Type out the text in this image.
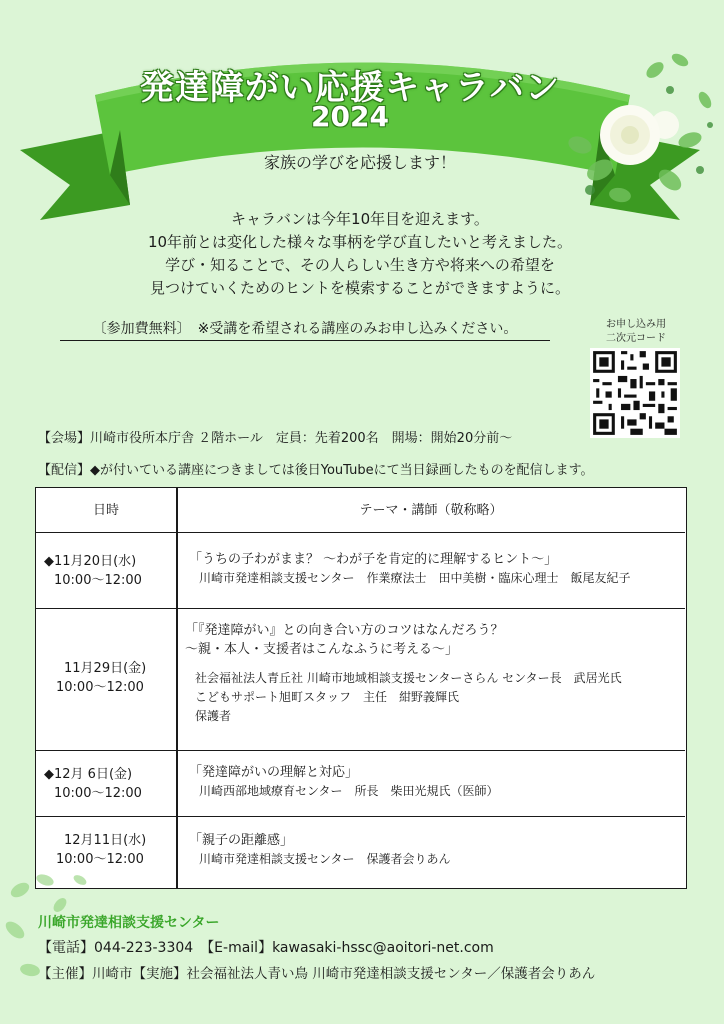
発達障がい応援キャラバン
2024
家族の学びを応援します！
キャラバンは今年10年目を迎えます。
10年前とは変化した様々な事柄を学び直したいと考えました。
学び・知ることで、その人らしい生き方や将来への希望を
見つけていくためのヒントを模索することができますように。
〔参加費無料〕　※受講を希望される講座のみお申し込みください。	お申し込み用
二次元コード
【会場】川崎市役所本庁舎 ２階ホール　定員：先着200名　開場：開始20分前～
【配信】◆が付いている講座につきましては後日YouTubeにて当日録画したものを配信します。
日時	テーマ・講師（敬称略）
◆11月20日(水)
10:00～12:00
「うちの子わがまま？ ～わが子を肯定的に理解するヒント～」
川崎市発達相談支援センター　作業療法士　田中美樹・臨床心理士　飯尾友紀子
11月29日(金)
10:00～12:00
「『発達障がい』との向き合い方のコツはなんだろう？
～親・本人・支援者はこんなふうに考える～」
社会福祉法人青丘社 川崎市地域相談支援センターさらん センター長　武居光氏
こどもサポート旭町スタッフ　主任　紺野義輝氏
保護者
◆12月 6日(金)
10:00～12:00
「発達障がいの理解と対応」
川崎西部地域療育センター　所長　柴田光規氏（医師）
12月11日(水)
10:00～12:00
「親子の距離感」
川崎市発達相談支援センター　保護者会りあん
川崎市発達相談支援センター
【電話】044-223-3304　【E-mail】kawasaki-hssc@aoitori-net.com
【主催】川崎市【実施】社会福祉法人青い鳥 川崎市発達相談支援センター／保護者会りあん
